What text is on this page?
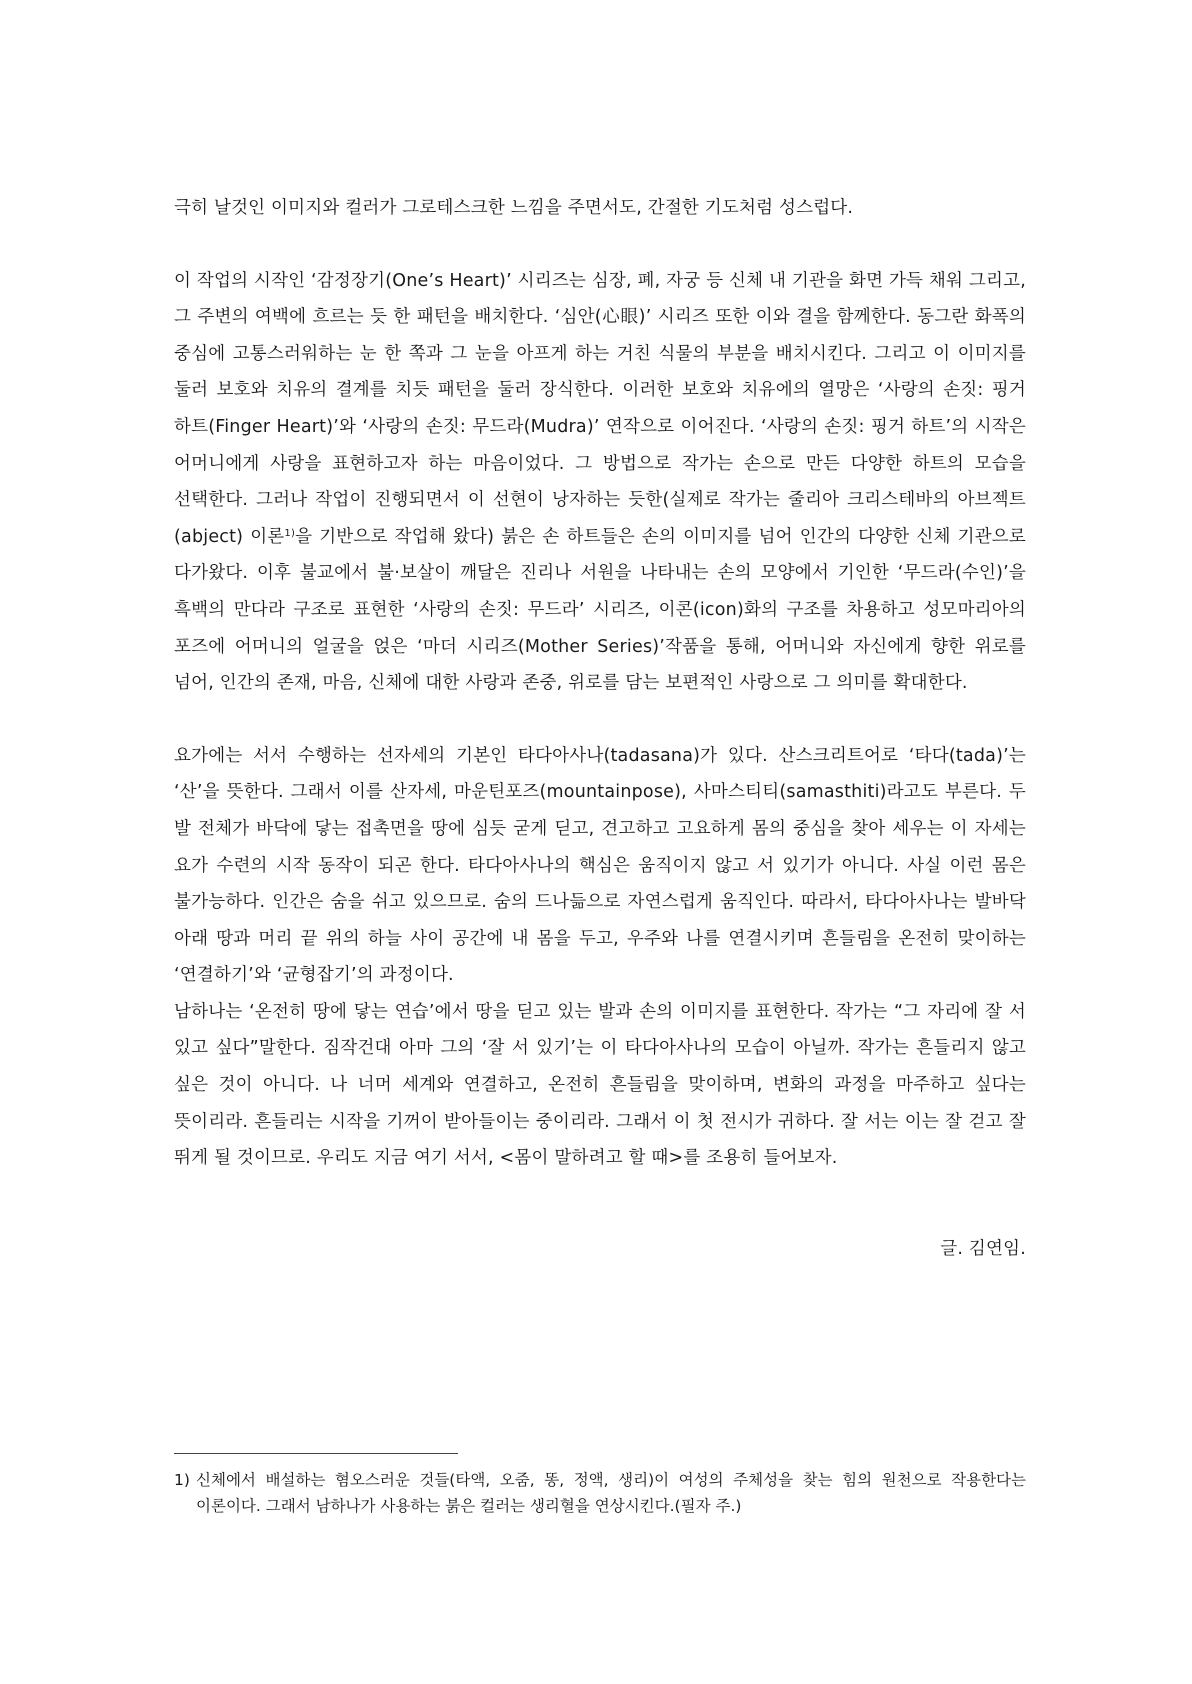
극히 날것인 이미지와 컬러가 그로테스크한 느낌을 주면서도, 간절한 기도처럼 성스럽다.

이 작업의 시작인 ‘감정장기(One’s Heart)’ 시리즈는 심장, 폐, 자궁 등 신체 내 기관을 화면 가득 채워 그리고, 그 주변의 여백에 흐르는 듯 한 패턴을 배치한다. ‘심안(心眼)’ 시리즈 또한 이와 결을 함께한다. 동그란 화폭의 중심에 고통스러워하는 눈 한 쪽과 그 눈을 아프게 하는 거친 식물의 부분을 배치시킨다. 그리고 이 이미지를 둘러 보호와 치유의 결계를 치듯 패턴을 둘러 장식한다. 이러한 보호와 치유에의 열망은 ‘사랑의 손짓: 핑거 하트(Finger Heart)’와 ‘사랑의 손짓: 무드라(Mudra)’ 연작으로 이어진다. ‘사랑의 손짓: 핑거 하트’의 시작은 어머니에게 사랑을 표현하고자 하는 마음이었다. 그 방법으로 작가는 손으로 만든 다양한 하트의 모습을 선택한다. 그러나 작업이 진행되면서 이 선현이 낭자하는 듯한(실제로 작가는 줄리아 크리스테바의 아브젝트(abject) 이론$^{1)}$을 기반으로 작업해 왔다) 붉은 손 하트들은 손의 이미지를 넘어 인간의 다양한 신체 기관으로 다가왔다. 이후 불교에서 불·보살이 깨달은 진리나 서원을 나타내는 손의 모양에서 기인한 ‘무드라(수인)’을 흑백의 만다라 구조로 표현한 ‘사랑의 손짓: 무드라’ 시리즈, 이콘(icon)화의 구조를 차용하고 성모마리아의 포즈에 어머니의 얼굴을 얹은 ‘마더 시리즈(Mother Series)’작품을 통해, 어머니와 자신에게 향한 위로를 넘어, 인간의 존재, 마음, 신체에 대한 사랑과 존중, 위로를 담는 보편적인 사랑으로 그 의미를 확대한다.

요가에는 서서 수행하는 선자세의 기본인 타다아사나(tadasana)가 있다. 산스크리트어로 ‘타다(tada)’는 ‘산’을 뜻한다. 그래서 이를 산자세, 마운틴포즈(mountainpose), 사마스티티(samasthiti)라고도 부른다. 두 발 전체가 바닥에 닿는 접촉면을 땅에 심듯 굳게 딛고, 견고하고 고요하게 몸의 중심을 찾아 세우는 이 자세는 요가 수련의 시작 동작이 되곤 한다. 타다아사나의 핵심은 움직이지 않고 서 있기가 아니다. 사실 이런 몸은 불가능하다. 인간은 숨을 쉬고 있으므로. 숨의 드나듦으로 자연스럽게 움직인다. 따라서, 타다아사나는 발바닥 아래 땅과 머리 끝 위의 하늘 사이 공간에 내 몸을 두고, 우주와 나를 연결시키며 흔들림을 온전히 맞이하는 ‘연결하기’와 ‘균형잡기’의 과정이다.

남하나는 ‘온전히 땅에 닿는 연습’에서 땅을 딛고 있는 발과 손의 이미지를 표현한다. 작가는 “그 자리에 잘 서 있고 싶다”말한다. 짐작건대 아마 그의 ‘잘 서 있기’는 이 타다아사나의 모습이 아닐까. 작가는 흔들리지 않고 싶은 것이 아니다. 나 너머 세계와 연결하고, 온전히 흔들림을 맞이하며, 변화의 과정을 마주하고 싶다는 뜻이리라. 흔들리는 시작을 기꺼이 받아들이는 중이리라. 그래서 이 첫 전시가 귀하다. 잘 서는 이는 잘 걷고 잘 뛰게 될 것이므로. 우리도 지금 여기 서서, <몸이 말하려고 할 때>를 조용히 들어보자.

글. 김연임.

1) 신체에서 배설하는 혐오스러운 것들(타액, 오줌, 똥, 정액, 생리)이 여성의 주체성을 찾는 힘의 원천으로 작용한다는 이론이다. 그래서 남하나가 사용하는 붉은 컬러는 생리혈을 연상시킨다.(필자 주.)
